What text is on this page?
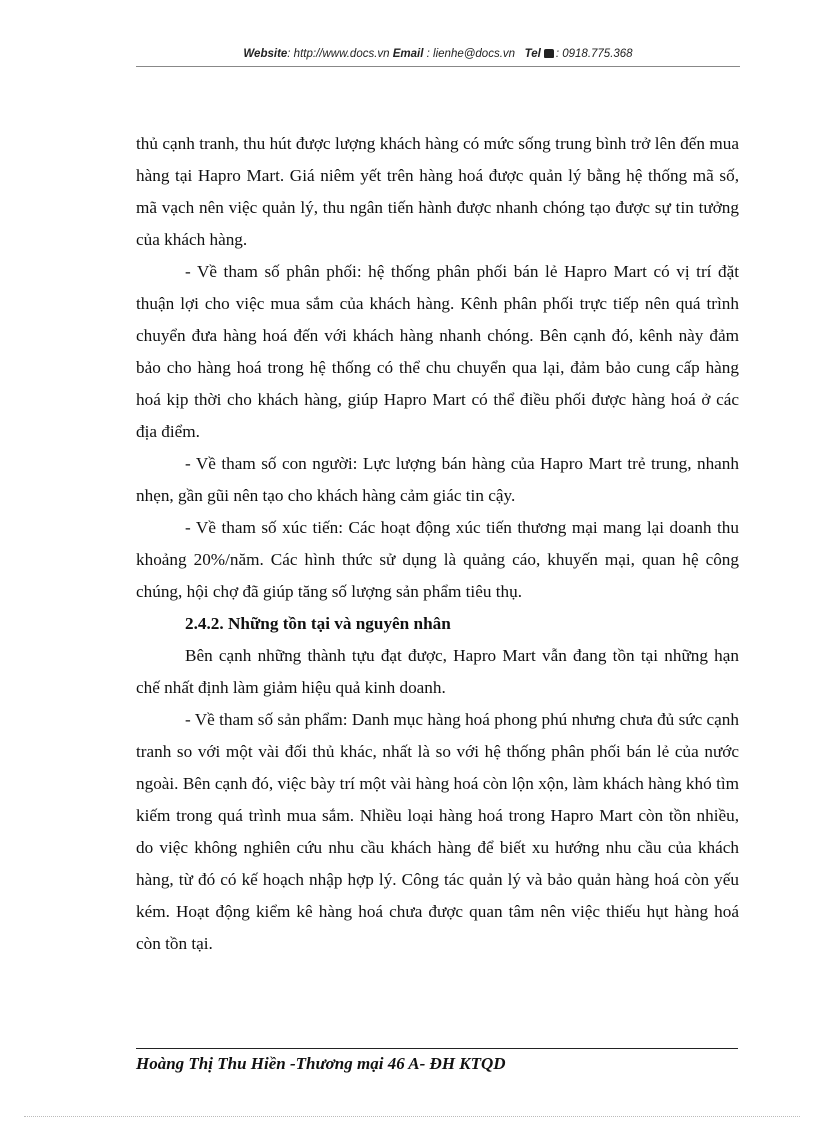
Website: http://www.docs.vn Email : lienhe@docs.vn Tel : 0918.775.368

thủ cạnh tranh, thu hút được lượng khách hàng có mức sống trung bình trở lên đến mua hàng tại Hapro Mart. Giá niêm yết trên hàng hoá được quản lý bằng hệ thống mã số, mã vạch nên việc quản lý, thu ngân tiến hành được nhanh chóng tạo được sự tin tưởng của khách hàng.

- Về tham số phân phối: hệ thống phân phối bán lẻ Hapro Mart có vị trí đặt thuận lợi cho việc mua sắm của khách hàng. Kênh phân phối trực tiếp nên quá trình chuyển đưa hàng hoá đến với khách hàng nhanh chóng. Bên cạnh đó, kênh này đảm bảo cho hàng hoá trong hệ thống có thể chu chuyển qua lại, đảm bảo cung cấp hàng hoá kịp thời cho khách hàng, giúp Hapro Mart có thể điều phối được hàng hoá ở các địa điểm.

- Về tham số con người: Lực lượng bán hàng của Hapro Mart trẻ trung, nhanh nhẹn, gần gũi nên tạo cho khách hàng cảm giác tin cậy.

- Về tham số xúc tiến: Các hoạt động xúc tiến thương mại mang lại doanh thu khoảng 20%/năm. Các hình thức sử dụng là quảng cáo, khuyến mại, quan hệ công chúng, hội chợ đã giúp tăng số lượng sản phẩm tiêu thụ.

2.4.2. Những tồn tại và nguyên nhân

Bên cạnh những thành tựu đạt được, Hapro Mart vẫn đang tồn tại những hạn chế nhất định làm giảm hiệu quả kinh doanh.

- Về tham số sản phẩm: Danh mục hàng hoá phong phú nhưng chưa đủ sức cạnh tranh so với một vài đối thủ khác, nhất là so với hệ thống phân phối bán lẻ của nước ngoài. Bên cạnh đó, việc bày trí một vài hàng hoá còn lộn xộn, làm khách hàng khó tìm kiếm trong quá trình mua sắm. Nhiều loại hàng hoá trong Hapro Mart còn tồn nhiều, do việc không nghiên cứu nhu cầu khách hàng để biết xu hướng nhu cầu của khách hàng, từ đó có kế hoạch nhập hợp lý. Công tác quản lý và bảo quản hàng hoá còn yếu kém. Hoạt động kiểm kê hàng hoá chưa được quan tâm nên việc thiếu hụt hàng hoá còn tồn tại.

Hoàng Thị Thu Hiền -Thương mại 46 A- ĐH KTQD
